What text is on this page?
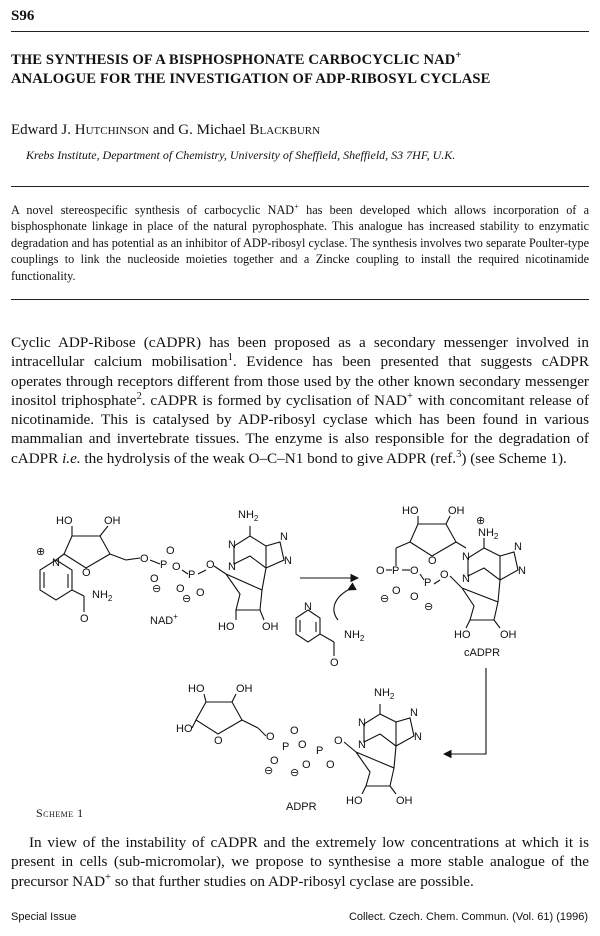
S96
THE SYNTHESIS OF A BISPHOSPHONATE CARBOCYCLIC NAD+
ANALOGUE FOR THE INVESTIGATION OF ADP-RIBOSYL CYCLASE
Edward J. Hutchinson and G. Michael Blackburn
Krebs Institute, Department of Chemistry, University of Sheffield, Sheffield, S3 7HF, U.K.
A novel stereospecific synthesis of carbocyclic NAD+ has been developed which allows incorporation of a bisphosphonate linkage in place of the natural pyrophosphate. This analogue has increased stability to enzymatic degradation and has potential as an inhibitor of ADP-ribosyl cyclase. The synthesis involves two separate Poulter-type couplings to link the nucleoside moieties together and a Zincke coupling to install the required nicotinamide functionality.
Cyclic ADP-Ribose (cADPR) has been proposed as a secondary messenger involved in intracellular calcium mobilisation$^1$. Evidence has been presented that suggests cADPR operates through receptors different from those used by the other known secondary messenger inositol triphosphate$^2$. cADPR is formed by cyclisation of NAD+ with concomitant release of nicotinamide. This is catalysed by ADP-ribosyl cyclase which has been found in various mammalian and invertebrate tissues. The enzyme is also responsible for the degradation of cADPR i.e. the hydrolysis of the weak O–C–N1 bond to give ADPR (ref.$^3$) (see Scheme 1).
HO	OH
O
O
N
⊕
O
$NH_2$
P O
O
⊖
O
P
O
⊖ O
O
HO	OH
$NH_2$
N
N
N
N
NAD+
N
O
$NH_2$
HO	OH
O
O P
O
⊖
O
P
O
⊖
O
HO	OH
⊕
$NH_2$
N
N
N
N
cADPR
HO	OH
HO
O	O
P
O
⊖
O
O P
O
⊖
O
O
HO	OH
$NH_2$
N
N
N
N
ADPR
Scheme 1
In view of the instability of cADPR and the extremely low concentrations at which it is present in cells (sub-micromolar), we propose to synthesise a more stable analogue of the precursor NAD+ so that further studies on ADP-ribosyl cyclase are possible.
Special Issue	Collect. Czech. Chem. Commun. (Vol. 61) (1996)
